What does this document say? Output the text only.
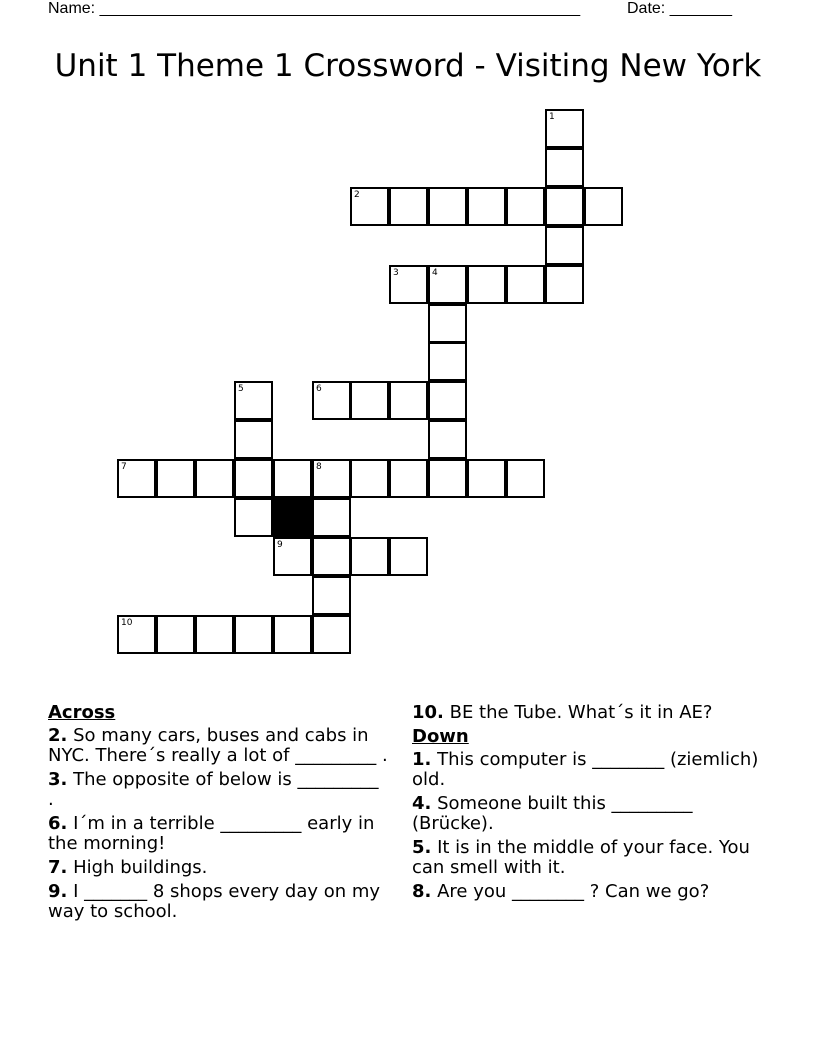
Name: ______________________________________________________	Date: _______
Unit 1 Theme 1 Crossword - Visiting New York
1
2
3	4
5	6
7	8
9
10
Across
2. So many cars, buses and cabs in NYC. There´s really a lot of _________ .
3. The opposite of below is _________ .
6. I´m in a terrible _________ early in the morning!
7. High buildings.
9. I _______ 8 shops every day on my way to school.
10. BE the Tube. What´s it in AE?
Down
1. This computer is ________ (ziemlich) old.
4. Someone built this _________ (Brücke).
5. It is in the middle of your face. You can smell with it.
8. Are you ________ ? Can we go?
